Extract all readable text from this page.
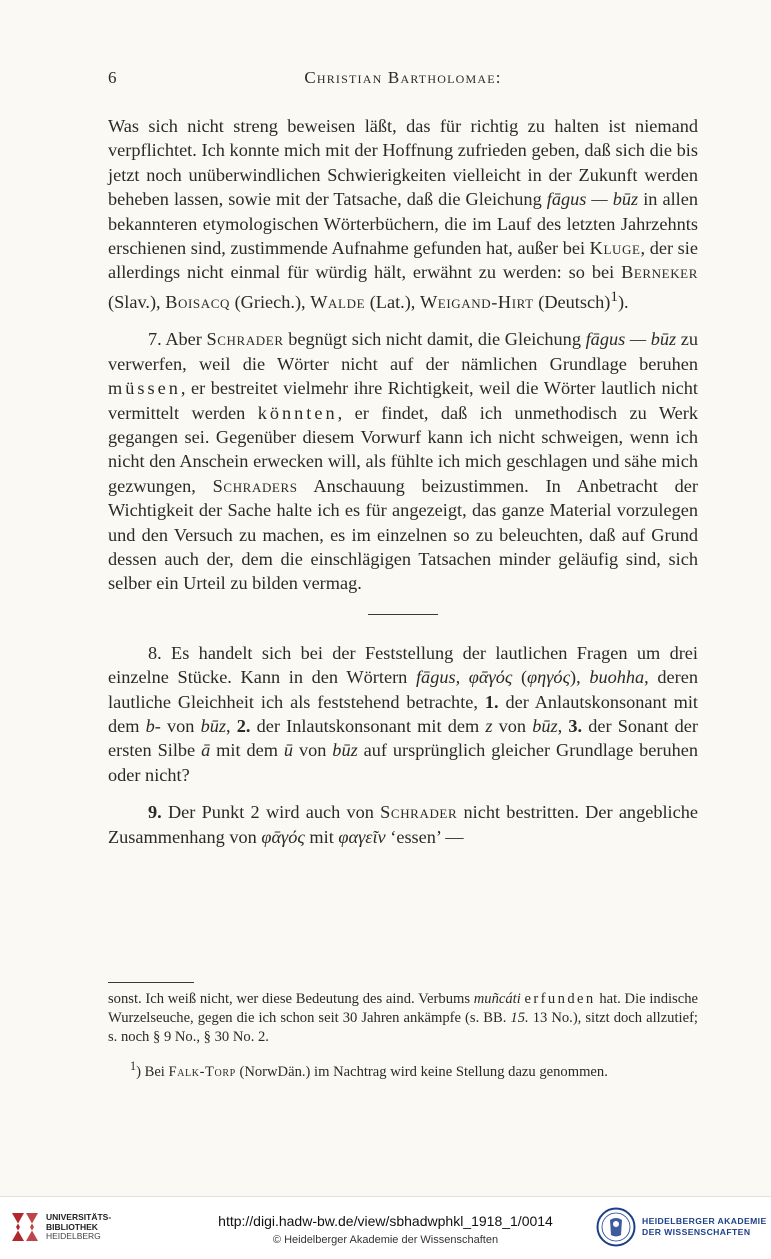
6	Christian Bartholomae:

Was sich nicht streng beweisen läßt, das für richtig zu halten ist niemand verpflichtet. Ich konnte mich mit der Hoffnung zufrieden geben, daß sich die bis jetzt noch unüberwindlichen Schwierigkeiten vielleicht in der Zukunft werden beheben lassen, sowie mit der Tatsache, daß die Gleichung fāgus — būz in allen bekannteren etymologischen Wörterbüchern, die im Lauf des letzten Jahrzehnts erschienen sind, zustimmende Aufnahme gefunden hat, außer bei Kluge, der sie allerdings nicht einmal für würdig hält, erwähnt zu werden: so bei Berneker (Slav.), Boisacq (Griech.), Walde (Lat.), Weigand-Hirt (Deutsch)$^1$).

7. Aber Schrader begnügt sich nicht damit, die Gleichung fāgus — būz zu verwerfen, weil die Wörter nicht auf der nämlichen Grundlage beruhen müssen, er bestreitet vielmehr ihre Richtigkeit, weil die Wörter lautlich nicht vermittelt werden könnten, er findet, daß ich unmethodisch zu Werk gegangen sei. Gegenüber diesem Vorwurf kann ich nicht schweigen, wenn ich nicht den Anschein erwecken will, als fühlte ich mich geschlagen und sähe mich gezwungen, Schraders Anschauung beizustimmen. In Anbetracht der Wichtigkeit der Sache halte ich es für angezeigt, das ganze Material vorzulegen und den Versuch zu machen, es im einzelnen so zu beleuchten, daß auf Grund dessen auch der, dem die einschlägigen Tatsachen minder geläufig sind, sich selber ein Urteil zu bilden vermag.

8. Es handelt sich bei der Feststellung der lautlichen Fragen um drei einzelne Stücke. Kann in den Wörtern fāgus, φᾱγός (φηγός), buohha, deren lautliche Gleichheit ich als feststehend betrachte, 1. der Anlautskonsonant mit dem b- von būz, 2. der Inlautskonsonant mit dem z von būz, 3. der Sonant der ersten Silbe ā mit dem ū von būz auf ursprünglich gleicher Grundlage beruhen oder nicht?

9. Der Punkt 2 wird auch von Schrader nicht bestritten. Der angebliche Zusammenhang von φᾱγός mit φαγεῖν ‘essen’ —

sonst. Ich weiß nicht, wer diese Bedeutung des aind. Verbums muñcáti erfunden hat. Die indische Wurzelseuche, gegen die ich schon seit 30 Jahren ankämpfe (s. BB. 15. 13 No.), sitzt doch allzutief; s. noch § 9 No., § 30 No. 2.

$^1$) Bei Falk-Torp (NorwDän.) im Nachtrag wird keine Stellung dazu genommen.

UNIVERSITÄTS-
BIBLIOTHEK
HEIDELBERG
http://digi.hadw-bw.de/view/sbhadwphkl_1918_1/0014
© Heidelberger Akademie der Wissenschaften
HEIDELBERGER AKADEMIE
DER WISSENSCHAFTEN
